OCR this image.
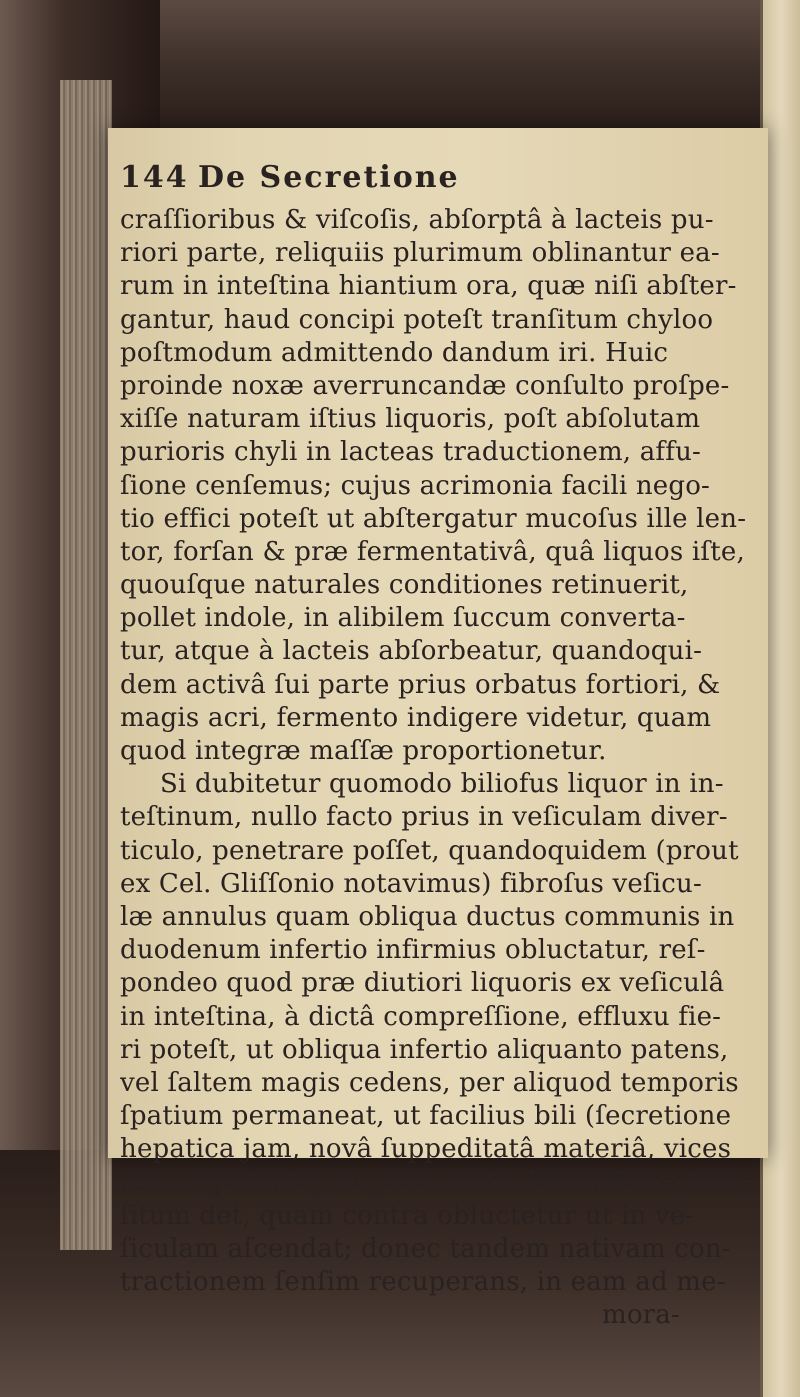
144 De Secretione
craſſioribus & viſcoſis, abſorptâ à lacteis pu-
riori parte, reliquiis plurimum oblinantur ea-
rum in inteſtina hiantium ora, quæ niſi abſter-
gantur, haud concipi poteſt tranſitum chyloo
poſtmodum admittendo dandum iri. Huic
proinde noxæ averruncandæ conſulto proſpe-
xiſſe naturam iſtius liquoris, poſt abſolutam
purioris chyli in lacteas traductionem, affu-
ſione cenſemus; cujus acrimonia facili nego-
tio effici poteſt ut abſtergatur mucoſus ille len-
tor, forſan & præ fermentativâ, quâ liquos iſte,
quouſque naturales conditiones retinuerit,
pollet indole, in alibilem ſuccum converta-
tur, atque à lacteis abſorbeatur, quandoqui-
dem activâ ſui parte prius orbatus fortiori, &
magis acri, fermento indigere videtur, quam
quod integræ maſſæ proportionetur.
Si dubitetur quomodo biliofus liquor in in-
teſtinum, nullo facto prius in veſiculam diver-
ticulo, penetrare poſſet, quandoquidem (prout
ex Cel. Gliſſonio notavimus) fibroſus veſicu-
læ annulus quam obliqua ductus communis in
duodenum infertio infirmius obluctatur, reſ-
pondeo quod præ diutiori liquoris ex veſiculâ
in inteſtina, à dictâ compreſſione, effluxu fie-
ri poteſt, ut obliqua infertio aliquanto patens,
vel ſaltem magis cedens, per aliquod temporis
ſpatium permaneat, ut facilius bili (ſecretione
hepatica jam, novâ ſuppeditatâ materiâ, vices
ſuas repetente) ex poro rectâ deſcendenti tran-
ſitum det, quam contra obluctetur ut in ve-
ſiculam aſcendat; donec tandem nativam con-
tractionem ſenſim recuperans, in eam ad me-
mora-
